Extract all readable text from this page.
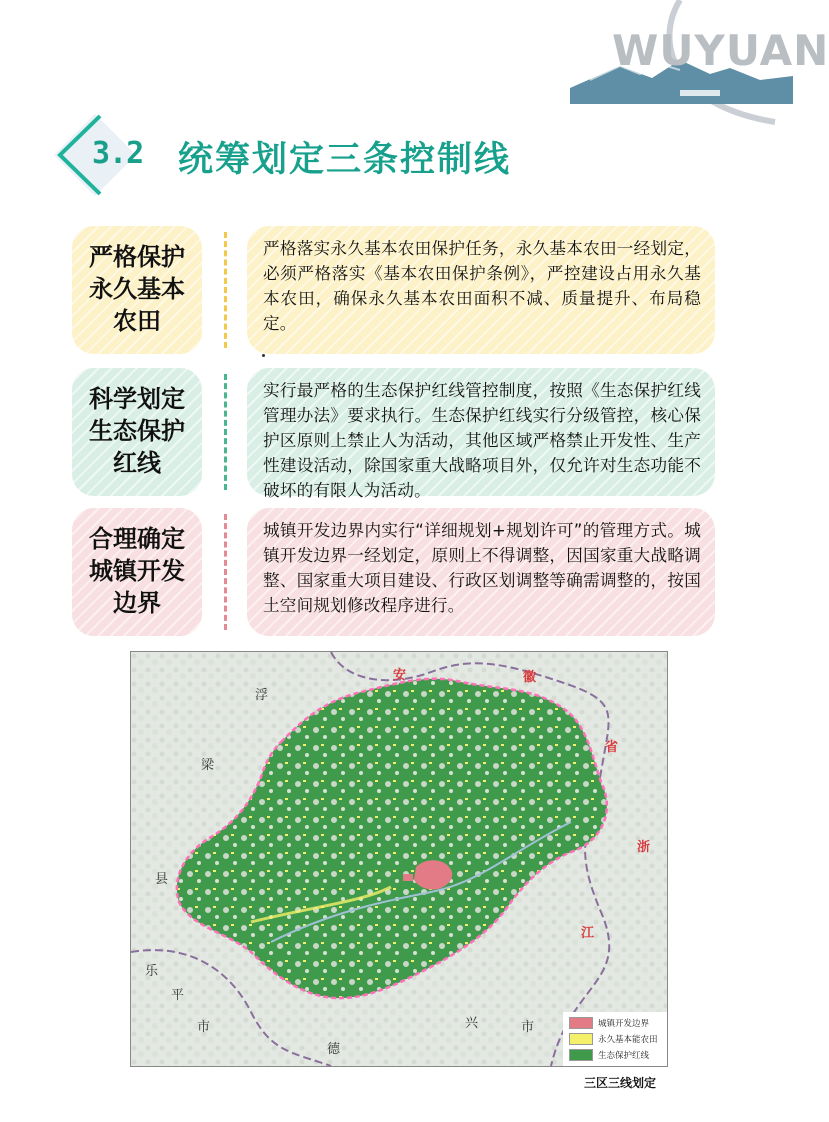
WUYUAN
3.2 统筹划定三条控制线
严格保护
永久基本
农田
严格落实永久基本农田保护任务，永久基本农田一经划定， 必须严格落实《基本农田保护条例》，严控建设占用永久基本农田，确保永久基本农田面积不减、质量提升、布局稳定。
科学划定
生态保护
红线
实行最严格的生态保护红线管控制度，按照《生态保护红线管理办法》要求执行。生态保护红线实行分级管控，核心保护区原则上禁止人为活动，其他区域严格禁止开发性、生产性建设活动，除国家重大战略项目外，仅允许对生态功能不破坏的有限人为活动。
合理确定
城镇开发
边界
城镇开发边界内实行“详细规划+规划许可”的管理方式。城镇开发边界一经划定，原则上不得调整，因国家重大战略调整、国家重大项目建设、行政区划调整等确需调整的，按国土空间规划修改程序进行。
安	徽
省
浙
江
浮
梁
县
乐
平
市
德
兴	市	城镇开发边界
永久基本能农田
生态保护红线
三区三线划定
